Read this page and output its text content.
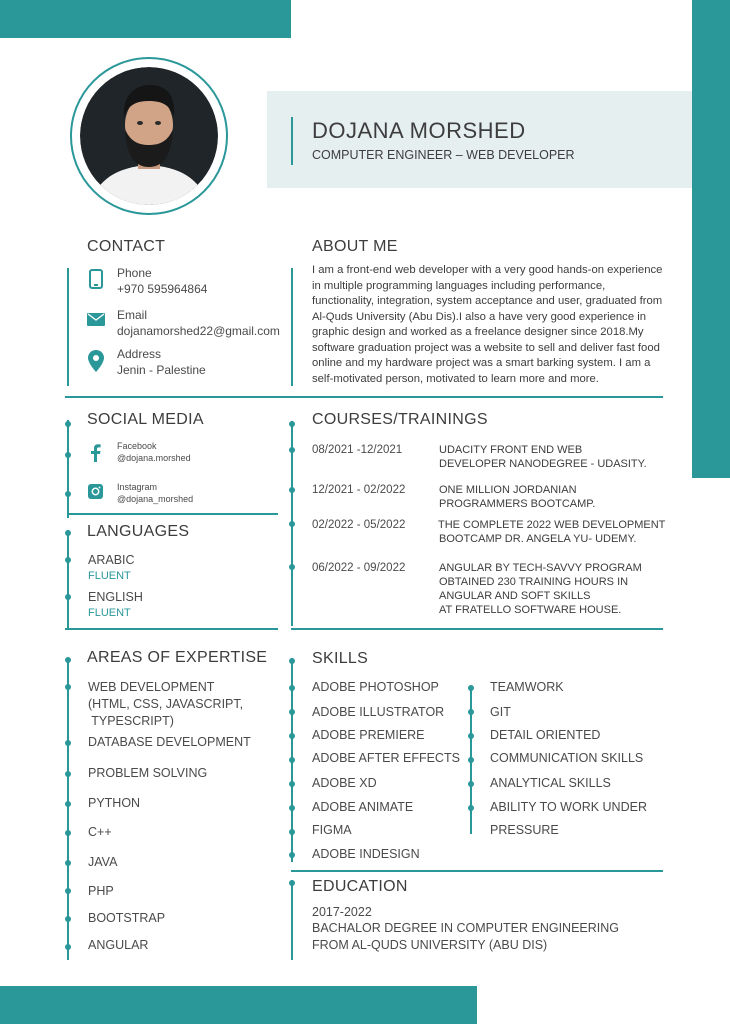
DOJANA MORSHED
COMPUTER ENGINEER – WEB DEVELOPER
CONTACT
Phone
+970 595964864
Email
dojanamorshed22@gmail.com
Address
Jenin - Palestine
ABOUT ME
I am a front-end web developer with a very good hands-on experience in multiple programming languages including performance, functionality, integration, system acceptance and user, graduated from Al-Quds University (Abu Dis).I also a have very good experience in graphic design and worked as a freelance designer since 2018.My software graduation project was a website to sell and deliver fast food online and my hardware project was a smart barking system. I am a self-motivated person, motivated to learn more and more.
SOCIAL MEDIA
Facebook
@dojana.morshed
Instagram
@dojana_morshed
LANGUAGES
ARABIC
FLUENT
ENGLISH
FLUENT
COURSES/TRAININGS
08/2021 -12/2021	UDACITY FRONT END WEB
DEVELOPER NANODEGREE - UDASITY.
12/2021 - 02/2022	ONE MILLION JORDANIAN
PROGRAMMERS BOOTCAMP.
02/2022 - 05/2022	THE COMPLETE 2022 WEB DEVELOPMENT
BOOTCAMP DR. ANGELA YU- UDEMY.
06/2022 - 09/2022	ANGULAR BY TECH-SAVVY PROGRAM
OBTAINED 230 TRAINING HOURS IN
ANGULAR AND SOFT SKILLS
AT FRATELLO SOFTWARE HOUSE.
AREAS OF EXPERTISE
WEB DEVELOPMENT
(HTML, CSS, JAVASCRIPT,
TYPESCRIPT)
DATABASE DEVELOPMENT
PROBLEM SOLVING
PYTHON
C++
JAVA
PHP
BOOTSTRAP
ANGULAR
SKILLS
ADOBE PHOTOSHOP
ADOBE ILLUSTRATOR
ADOBE PREMIERE
ADOBE AFTER EFFECTS
ADOBE XD
ADOBE ANIMATE
FIGMA
ADOBE INDESIGN
TEAMWORK
GIT
DETAIL ORIENTED
COMMUNICATION SKILLS
ANALYTICAL SKILLS
ABILITY TO WORK UNDER
PRESSURE
EDUCATION
2017-2022
BACHALOR DEGREE IN COMPUTER ENGINEERING
FROM AL-QUDS UNIVERSITY (ABU DIS)
